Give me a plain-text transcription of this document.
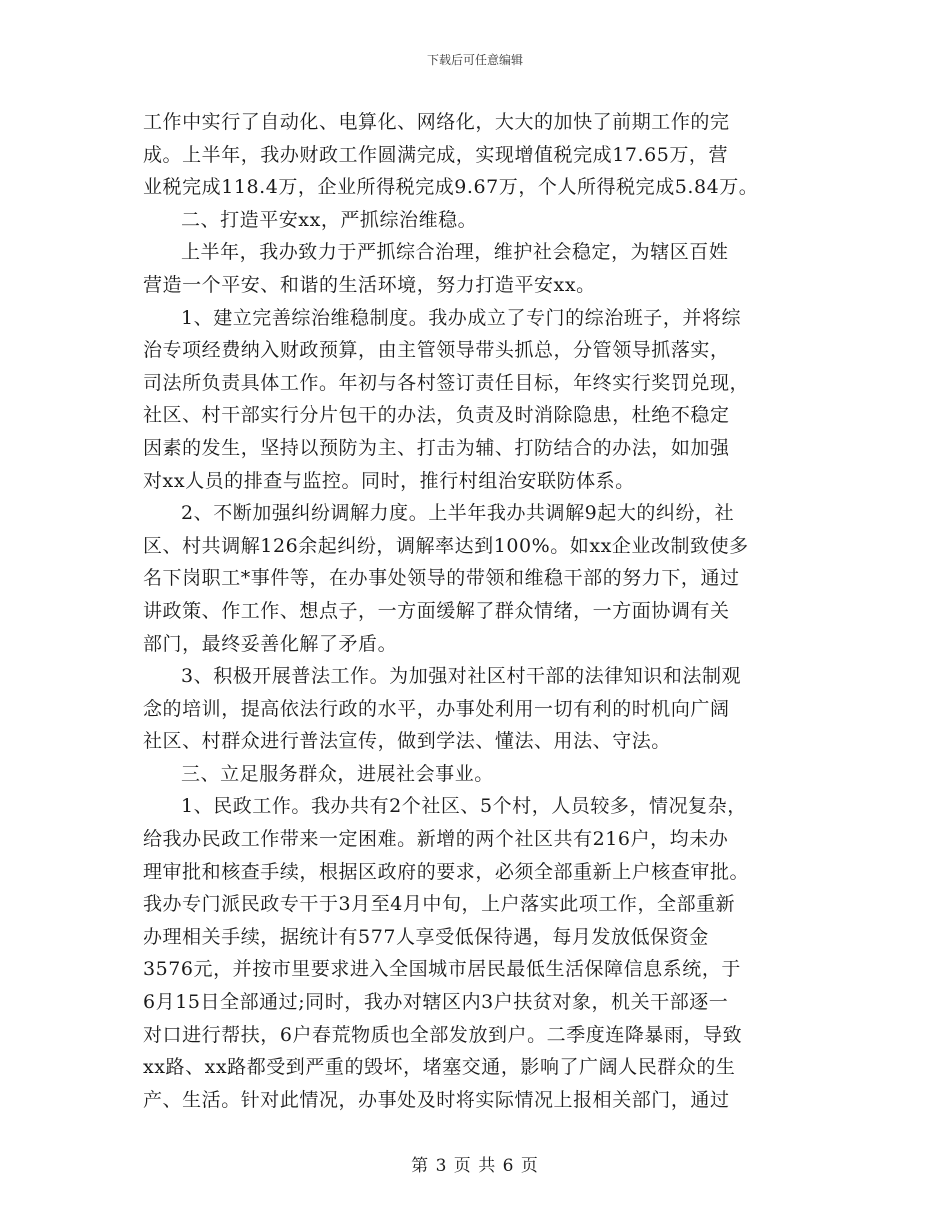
下载后可任意编辑
工作中实行了自动化、电算化、网络化，大大的加快了前期工作的完
成。上半年，我办财政工作圆满完成，实现增值税完成17.65万，营
业税完成118.4万，企业所得税完成9.67万，个人所得税完成5.84万。
二、打造平安xx，严抓综治维稳。
上半年，我办致力于严抓综合治理，维护社会稳定，为辖区百姓
营造一个平安、和谐的生活环境，努力打造平安xx。
1、建立完善综治维稳制度。我办成立了专门的综治班子，并将综
治专项经费纳入财政预算，由主管领导带头抓总，分管领导抓落实，
司法所负责具体工作。年初与各村签订责任目标，年终实行奖罚兑现，
社区、村干部实行分片包干的办法，负责及时消除隐患，杜绝不稳定
因素的发生，坚持以预防为主、打击为辅、打防结合的办法，如加强
对xx人员的排查与监控。同时，推行村组治安联防体系。
2、不断加强纠纷调解力度。上半年我办共调解9起大的纠纷，社
区、村共调解126余起纠纷，调解率达到100%。如xx企业改制致使多
名下岗职工*事件等，在办事处领导的带领和维稳干部的努力下，通过
讲政策、作工作、想点子，一方面缓解了群众情绪，一方面协调有关
部门，最终妥善化解了矛盾。
3、积极开展普法工作。为加强对社区村干部的法律知识和法制观
念的培训，提高依法行政的水平，办事处利用一切有利的时机向广阔
社区、村群众进行普法宣传，做到学法、懂法、用法、守法。
三、立足服务群众，进展社会事业。
1、民政工作。我办共有2个社区、5个村，人员较多，情况复杂，
给我办民政工作带来一定困难。新增的两个社区共有216户，均未办
理审批和核查手续，根据区政府的要求，必须全部重新上户核查审批。
我办专门派民政专干于3月至4月中旬，上户落实此项工作，全部重新
办理相关手续，据统计有577人享受低保待遇，每月发放低保资金
3576元，并按市里要求进入全国城市居民最低生活保障信息系统，于
6月15日全部通过;同时，我办对辖区内3户扶贫对象，机关干部逐一
对口进行帮扶，6户春荒物质也全部发放到户。二季度连降暴雨，导致
xx路、xx路都受到严重的毁坏，堵塞交通，影响了广阔人民群众的生
产、生活。针对此情况，办事处及时将实际情况上报相关部门，通过
第 3 页 共 6 页
